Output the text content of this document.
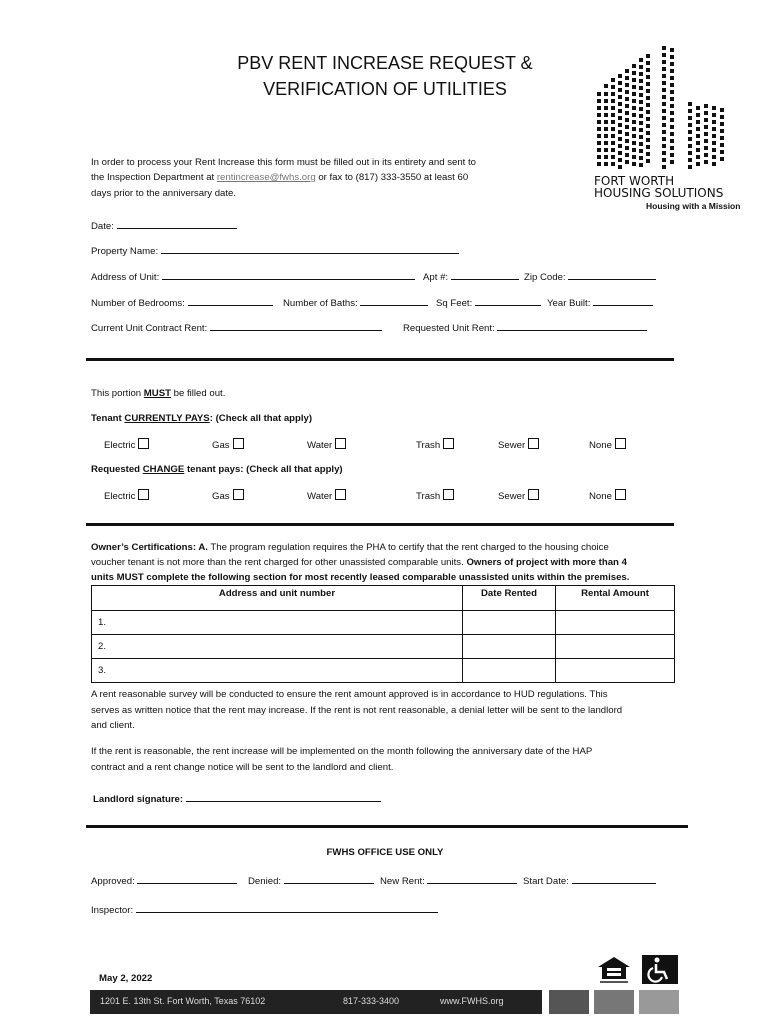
PBV RENT INCREASE REQUEST &
VERIFICATION OF UTILITIES
FORT WORTH
HOUSING SOLUTIONS
Housing with a Mission
In order to process your Rent Increase this form must be filled out in its entirety and sent to
the Inspection Department at rentincrease@fwhs.org or fax to (817) 333-3550 at least 60
days prior to the anniversary date.
Date:
Property Name:
Address of Unit:	Apt #:	Zip Code:
Number of Bedrooms:	Number of Baths:	Sq Feet:	Year Built:
Current Unit Contract Rent:	Requested Unit Rent:
This portion MUST be filled out.
Tenant CURRENTLY PAYS: (Check all that apply)
Electric	Gas	Water	Trash	Sewer	None
Requested CHANGE tenant pays: (Check all that apply)
Electric	Gas	Water	Trash	Sewer	None
Owner’s Certifications: A. The program regulation requires the PHA to certify that the rent charged to the housing choice
voucher tenant is not more than the rent charged for other unassisted comparable units. Owners of project with more than 4
units MUST complete the following section for most recently leased comparable unassisted units within the premises.
Address and unit number	Date Rented	Rental Amount
1.		
2.		
3.		
A rent reasonable survey will be conducted to ensure the rent amount approved is in accordance to HUD regulations. This
serves as written notice that the rent may increase. If the rent is not rent reasonable, a denial letter will be sent to the landlord
and client.
If the rent is reasonable, the rent increase will be implemented on the month following the anniversary date of the HAP
contract and a rent change notice will be sent to the landlord and client.
Landlord signature:
FWHS OFFICE USE ONLY
Approved:	Denied:	New Rent:	Start Date:
Inspector:
May 2, 2022
1201 E. 13th St. Fort Worth, Texas 76102	817-333-3400	www.FWHS.org
